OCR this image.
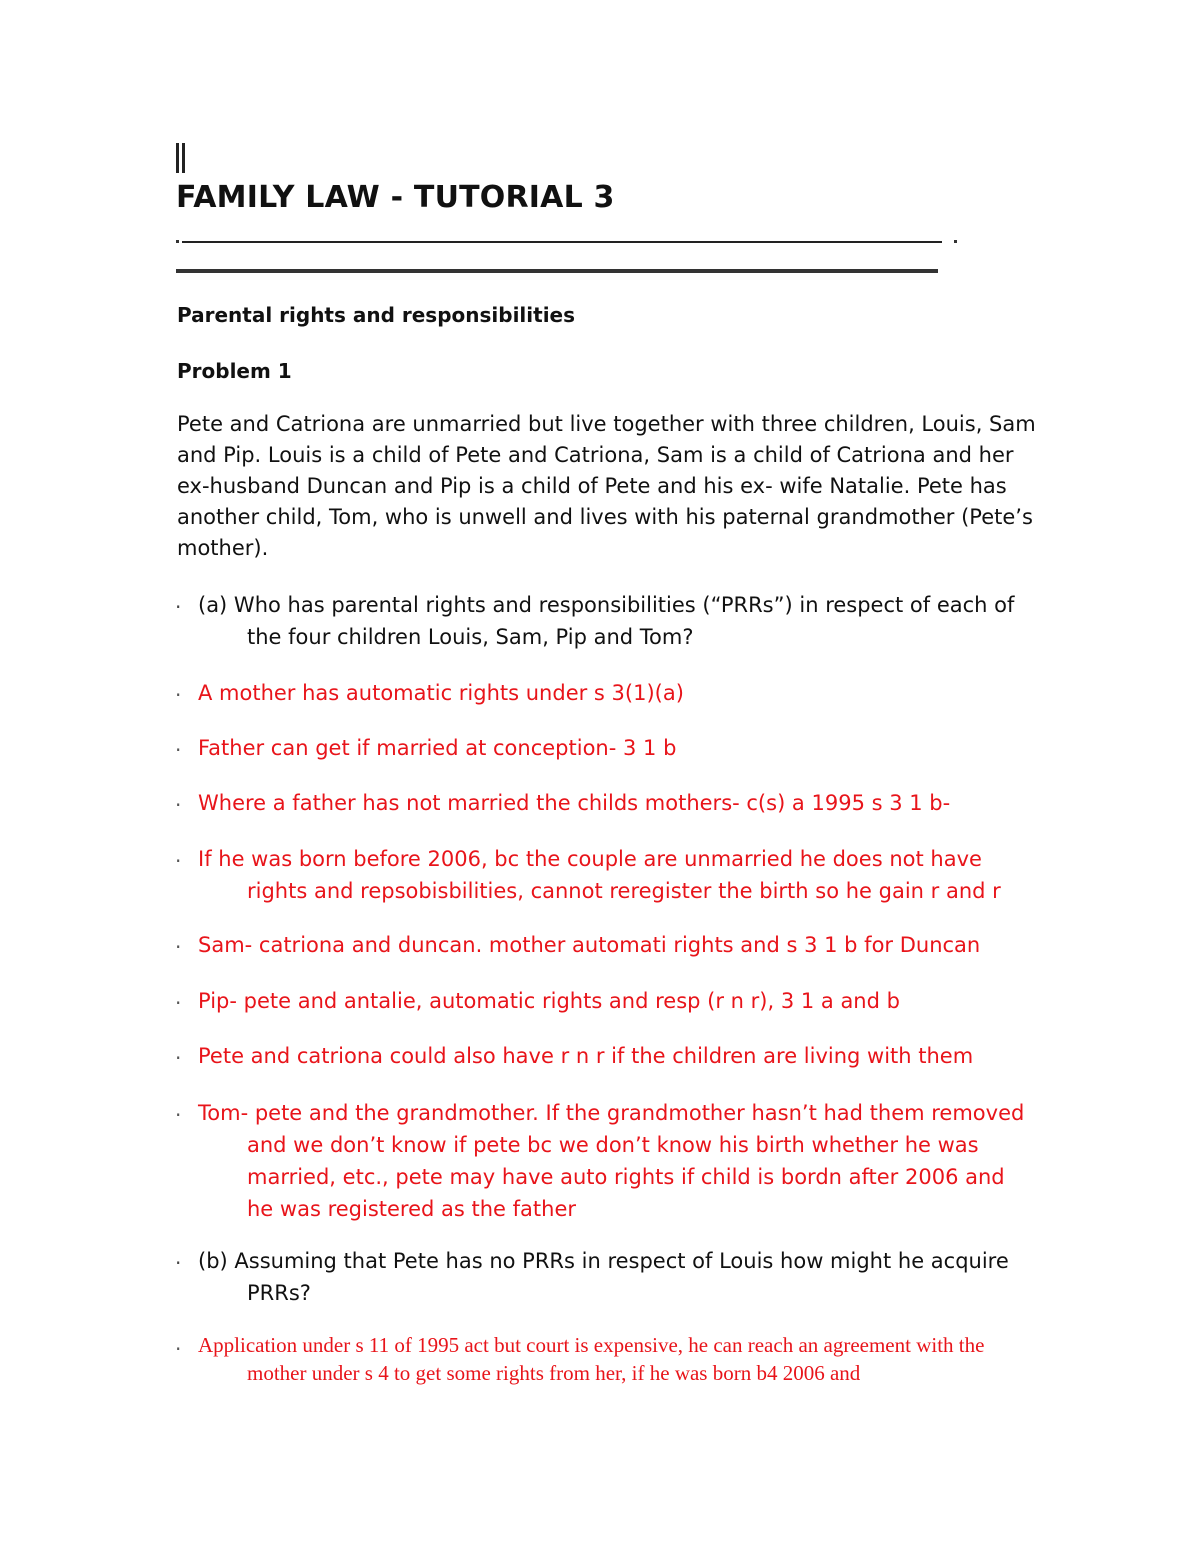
FAMILY LAW - TUTORIAL 3
Parental rights and responsibilities
Problem 1
Pete and Catriona are unmarried but live together with three children, Louis, Sam and Pip. Louis is a child of Pete and Catriona, Sam is a child of Catriona and her ex-husband Duncan and Pip is a child of Pete and his ex- wife Natalie. Pete has another child, Tom, who is unwell and lives with his paternal grandmother (Pete’s mother).
. (a) Who has parental rights and responsibilities (“PRRs”) in respect of each of the four children Louis, Sam, Pip and Tom?
. A mother has automatic rights under s 3(1)(a)
. Father can get if married at conception- 3 1 b
. Where a father has not married the childs mothers- c(s) a 1995 s 3 1 b-
. If he was born before 2006, bc the couple are unmarried he does not have rights and repsobisbilities, cannot reregister the birth so he gain r and r
. Sam- catriona and duncan. mother automati rights and s 3 1 b for Duncan
. Pip- pete and antalie, automatic rights and resp (r n r), 3 1 a and b
. Pete and catriona could also have r n r if the children are living with them
. Tom- pete and the grandmother. If the grandmother hasn’t had them removed and we don’t know if pete bc we don’t know his birth whether he was married, etc., pete may have auto rights if child is bordn after 2006 and he was registered as the father
. (b) Assuming that Pete has no PRRs in respect of Louis how might he acquire PRRs?
. Application under s 11 of 1995 act but court is expensive, he can reach an agreement with the mother under s 4 to get some rights from her, if he was born b4 2006 and
